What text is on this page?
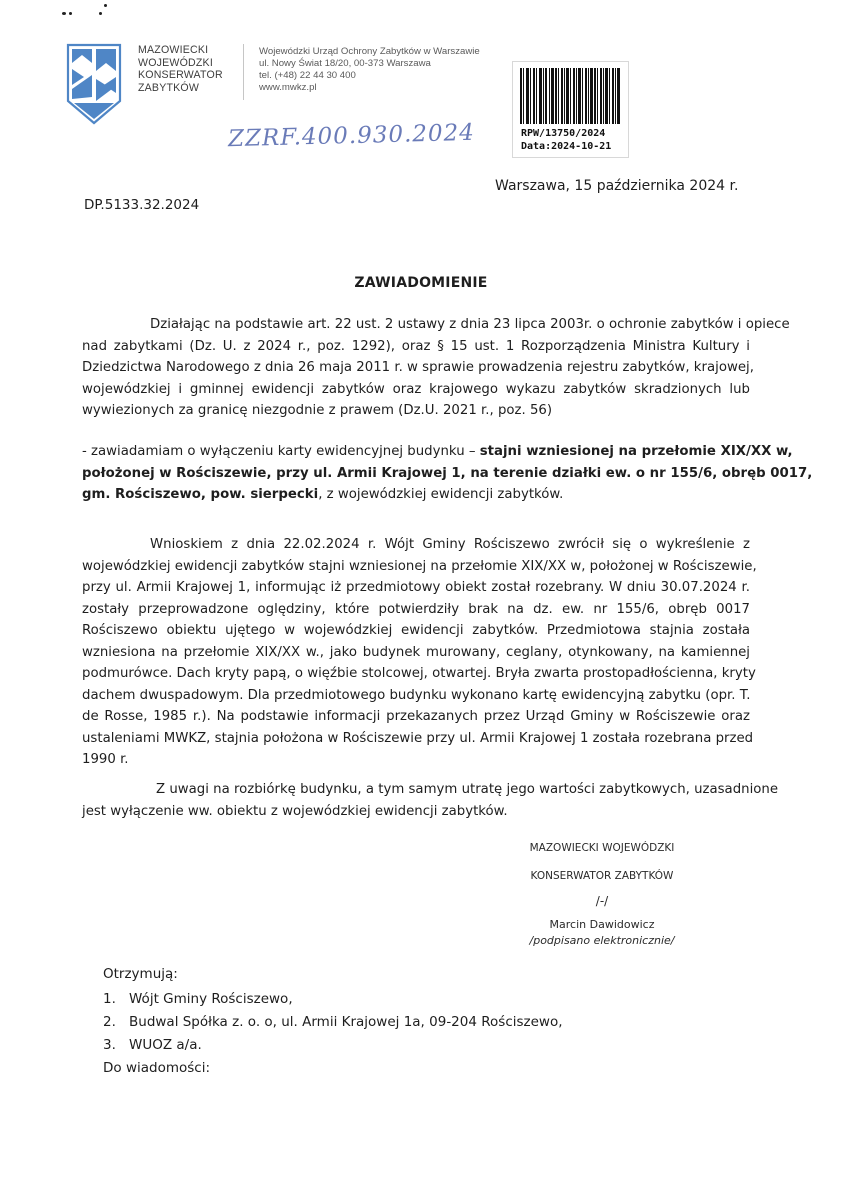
MAZOWIECKI
WOJEWÓDZKI
KONSERWATOR
ZABYTKÓW
Wojewódzki Urząd Ochrony Zabytków w Warszawie
ul. Nowy Świat 18/20, 00-373 Warszawa
tel. (+48) 22 44 30 400
www.mwkz.pl
RPW/13750/2024
Data:2024-10-21
ZZRF.400.930.2024
Warszawa, 15 października 2024 r.
DP.5133.32.2024
ZAWIADOMIENIE
Działając na podstawie art. 22 ust. 2 ustawy z dnia 23 lipca 2003r. o ochronie zabytków i opiece
nad zabytkami (Dz. U. z 2024 r., poz. 1292), oraz § 15 ust. 1 Rozporządzenia Ministra Kultury i
Dziedzictwa Narodowego z dnia 26 maja 2011 r. w sprawie prowadzenia rejestru zabytków, krajowej,
wojewódzkiej i gminnej ewidencji zabytków oraz krajowego wykazu zabytków skradzionych lub
wywiezionych za granicę niezgodnie z prawem (Dz.U. 2021 r., poz. 56)
- zawiadamiam o wyłączeniu karty ewidencyjnej budynku – stajni wzniesionej na przełomie XIX/XX w,
położonej w Rościszewie, przy ul. Armii Krajowej 1, na terenie działki ew. o nr 155/6, obręb 0017,
gm. Rościszewo, pow. sierpecki, z wojewódzkiej ewidencji zabytków.
Wnioskiem z dnia 22.02.2024 r. Wójt Gminy Rościszewo zwrócił się o wykreślenie z
wojewódzkiej ewidencji zabytków stajni wzniesionej na przełomie XIX/XX w, położonej w Rościszewie,
przy ul. Armii Krajowej 1, informując iż przedmiotowy obiekt został rozebrany. W dniu 30.07.2024 r.
zostały przeprowadzone oględziny, które potwierdziły brak na dz. ew. nr 155/6, obręb 0017
Rościszewo obiektu ujętego w wojewódzkiej ewidencji zabytków. Przedmiotowa stajnia została
wzniesiona na przełomie XIX/XX w., jako budynek murowany, ceglany, otynkowany, na kamiennej
podmurówce. Dach kryty papą, o więźbie stolcowej, otwartej. Bryła zwarta prostopadłościenna, kryty
dachem dwuspadowym. Dla przedmiotowego budynku wykonano kartę ewidencyjną zabytku (opr. T.
de Rosse, 1985 r.). Na podstawie informacji przekazanych przez Urząd Gminy w Rościszewie oraz
ustaleniami MWKZ, stajnia położona w Rościszewie przy ul. Armii Krajowej 1 została rozebrana przed
1990 r.
Z uwagi na rozbiórkę budynku, a tym samym utratę jego wartości zabytkowych, uzasadnione
jest wyłączenie ww. obiektu z wojewódzkiej ewidencji zabytków.
MAZOWIECKI WOJEWÓDZKI
KONSERWATOR ZABYTKÓW
/-/
Marcin Dawidowicz
/podpisano elektronicznie/
Otrzymują:
1. Wójt Gminy Rościszewo,
2. Budwal Spółka z. o. o, ul. Armii Krajowej 1a, 09-204 Rościszewo,
3. WUOZ a/a.
Do wiadomości:
